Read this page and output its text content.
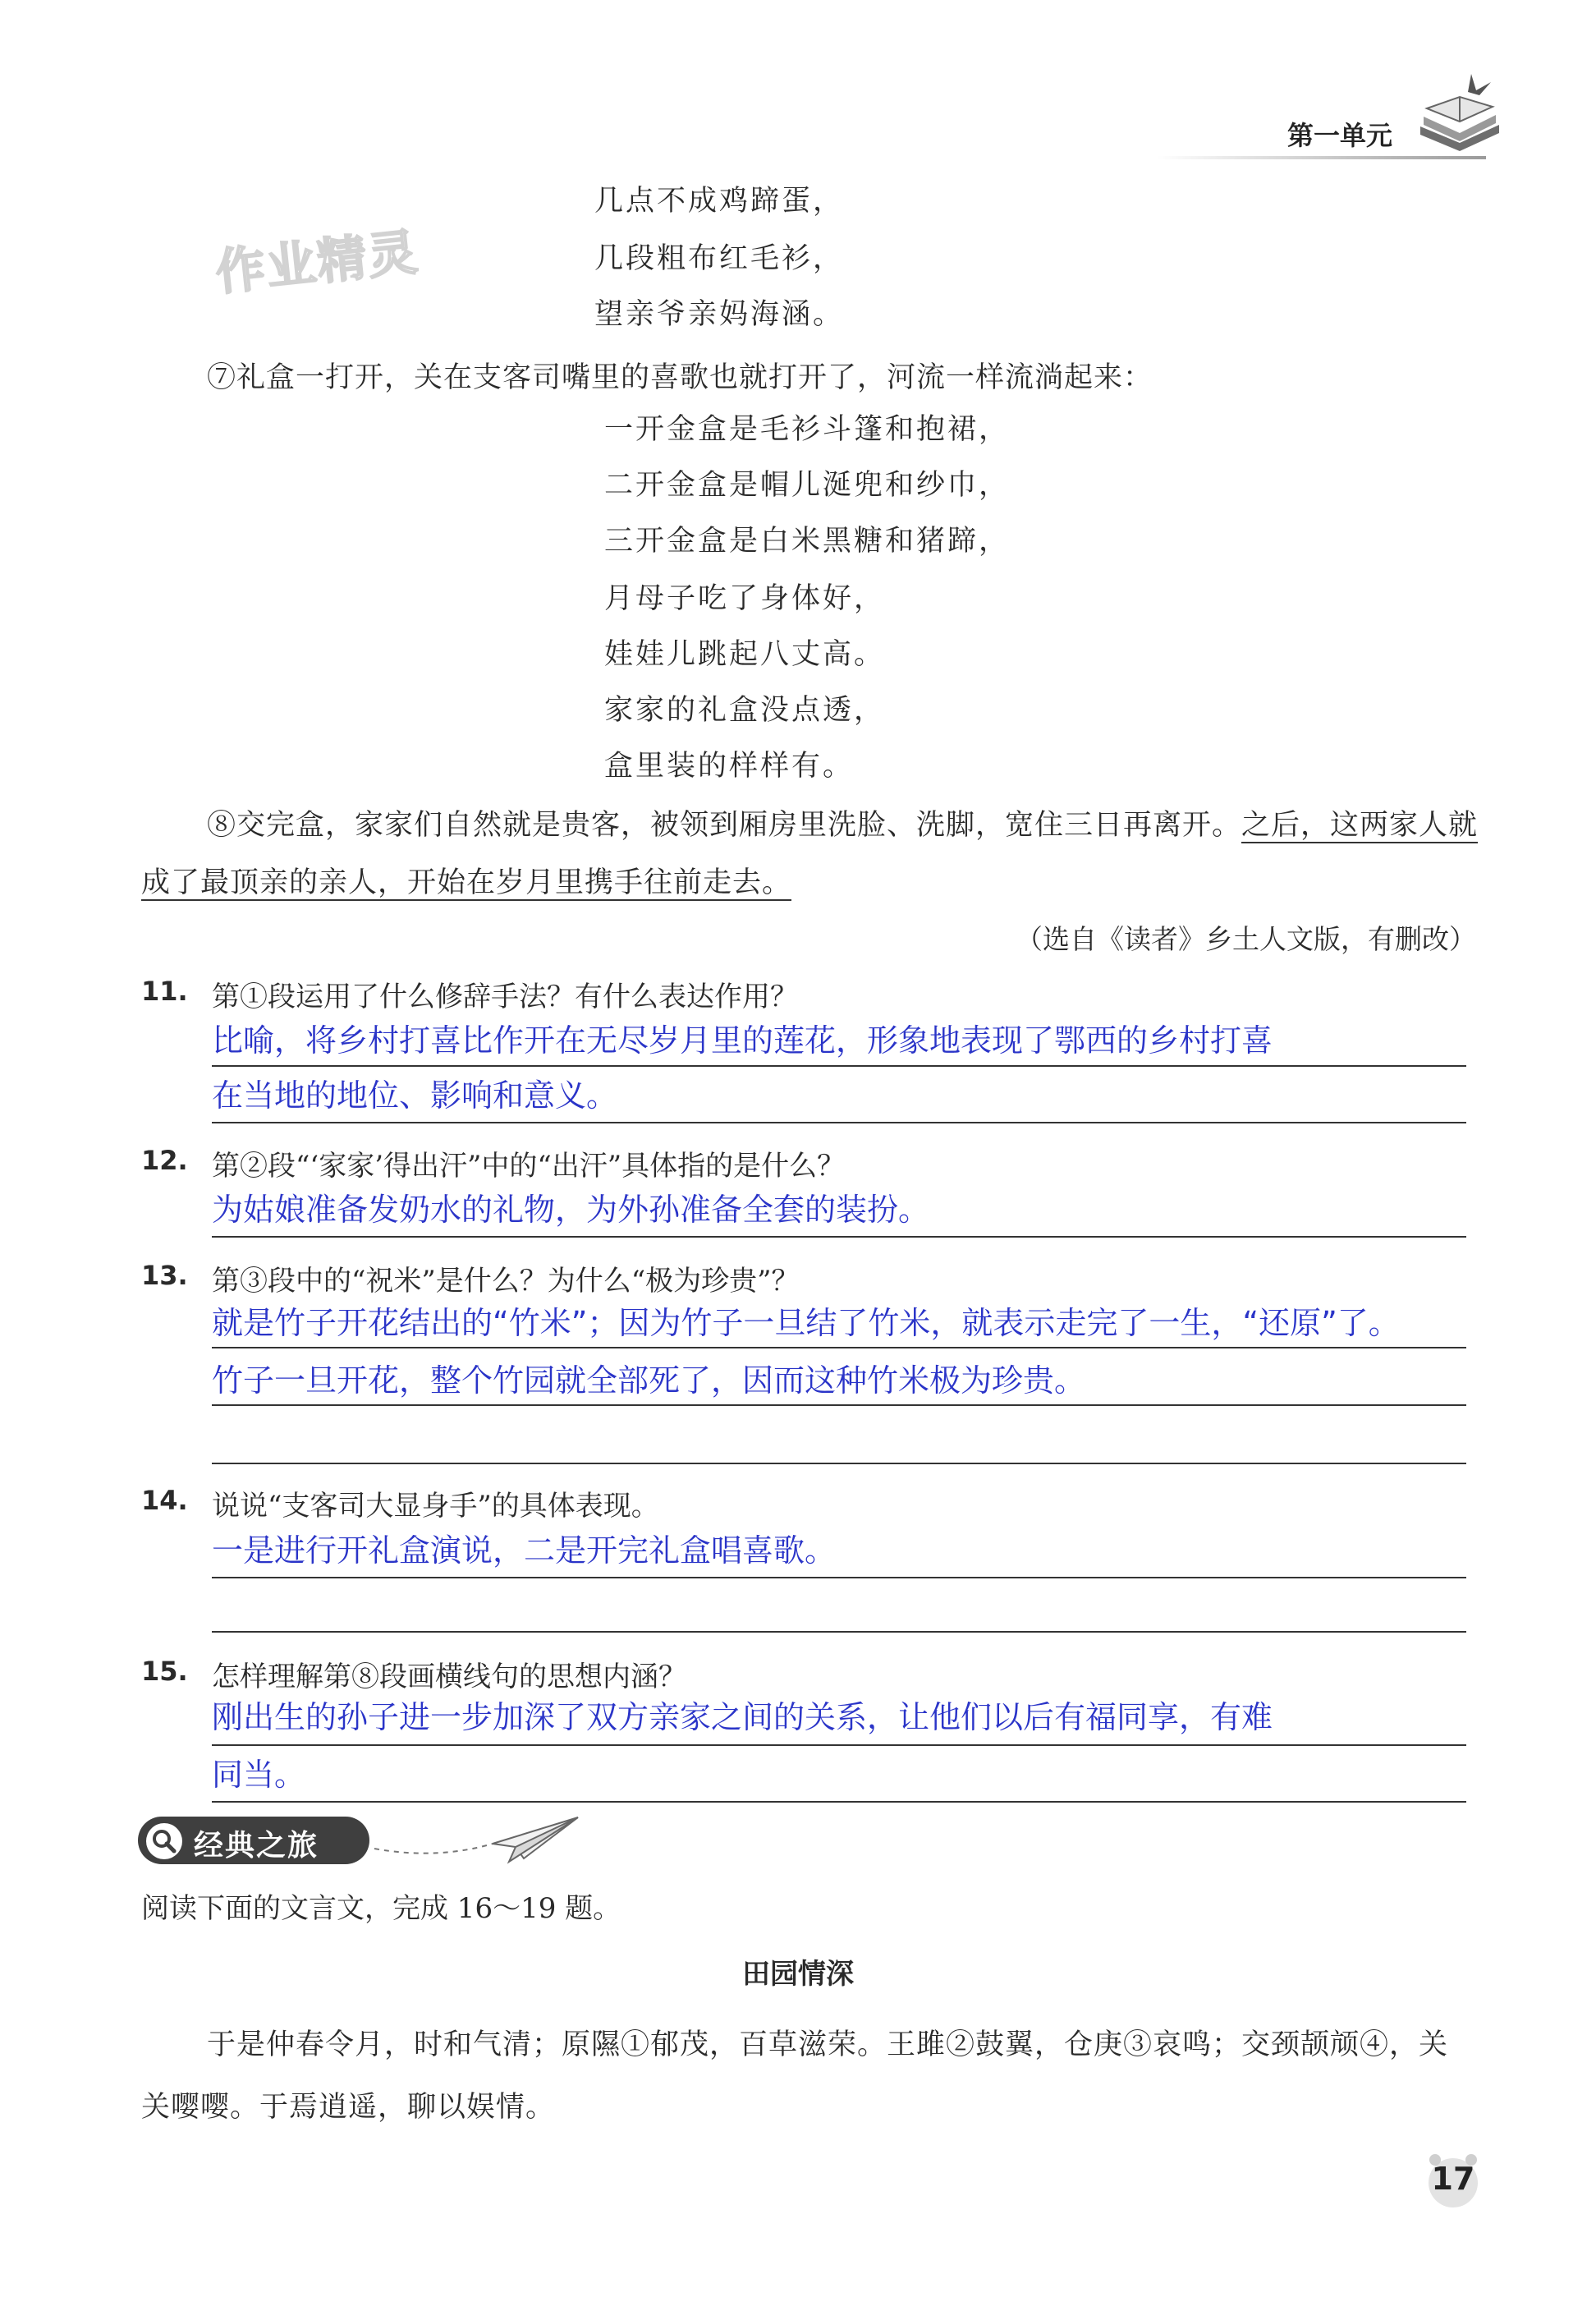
第一单元
作业精灵
几点不成鸡蹄蛋，
几段粗布红毛衫，
望亲爷亲妈海涵。
⑦礼盒一打开，关在支客司嘴里的喜歌也就打开了，河流一样流淌起来：
一开金盒是毛衫斗篷和抱裙，
二开金盒是帽儿涎兜和纱巾，
三开金盒是白米黑糖和猪蹄，
月母子吃了身体好，
娃娃儿跳起八丈高。
家家的礼盒没点透，
盒里装的样样有。
⑧交完盒，家家们自然就是贵客，被领到厢房里洗脸、洗脚，宽住三日再离开。之后，这两家人就成了最顶亲的亲人，开始在岁月里携手往前走去。
（选自《读者》乡土人文版，有删改）
11. 第①段运用了什么修辞手法？有什么表达作用？
比喻，将乡村打喜比作开在无尽岁月里的莲花，形象地表现了鄂西的乡村打喜
在当地的地位、影响和意义。
12. 第②段“‘家家’得出汗”中的“出汗”具体指的是什么？
为姑娘准备发奶水的礼物，为外孙准备全套的装扮。
13. 第③段中的“祝米”是什么？为什么“极为珍贵”？
就是竹子开花结出的“竹米”；因为竹子一旦结了竹米，就表示走完了一生，“还原”了。
竹子一旦开花，整个竹园就全部死了，因而这种竹米极为珍贵。
14. 说说“支客司大显身手”的具体表现。
一是进行开礼盒演说，二是开完礼盒唱喜歌。
15. 怎样理解第⑧段画横线句的思想内涵？
刚出生的孙子进一步加深了双方亲家之间的关系，让他们以后有福同享，有难
同当。
经典之旅
阅读下面的文言文，完成 16～19 题。
田园情深
于是仲春令月，时和气清；原隰①郁茂，百草滋荣。王雎②鼓翼，仓庚③哀鸣；交颈颉颃④，关关嘤嘤。于焉逍遥，聊以娱情。
17
